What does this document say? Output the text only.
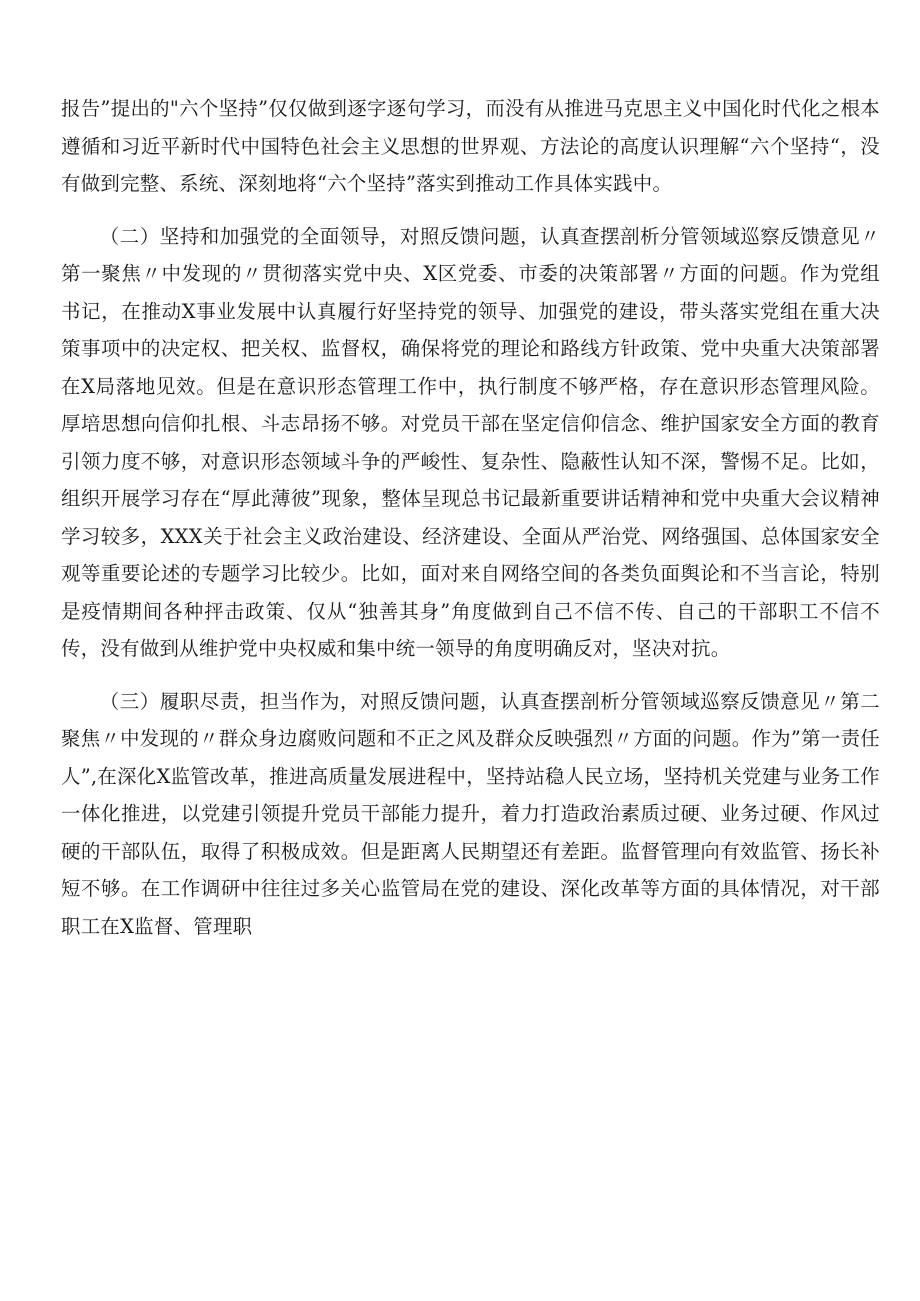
报告”提出的"六个坚持”仅仅做到逐字逐句学习，而没有从推进马克思主义中国化时代化之根本遵循和习近平新时代中国特色社会主义思想的世界观、方法论的高度认识理解“六个坚持“，没有做到完整、系统、深刻地将“六个坚持”落实到推动工作具体实践中。

（二）坚持和加强党的全面领导，对照反馈问题，认真查摆剖析分管领域巡察反馈意见〃第一聚焦〃中发现的〃贯彻落实党中央、X区党委、市委的决策部署〃方面的问题。作为党组书记，在推动X事业发展中认真履行好坚持党的领导、加强党的建设，带头落实党组在重大决策事项中的决定权、把关权、监督权，确保将党的理论和路线方针政策、党中央重大决策部署在X局落地见效。但是在意识形态管理工作中，执行制度不够严格，存在意识形态管理风险。厚培思想向信仰扎根、斗志昂扬不够。对党员干部在坚定信仰信念、维护国家安全方面的教育引领力度不够，对意识形态领域斗争的严峻性、复杂性、隐蔽性认知不深，警惕不足。比如，组织开展学习存在“厚此薄彼”现象，整体呈现总书记最新重要讲话精神和党中央重大会议精神学习较多，XXX关于社会主义政治建设、经济建设、全面从严治党、网络强国、总体国家安全观等重要论述的专题学习比较少。比如，面对来自网络空间的各类负面舆论和不当言论，特别是疫情期间各种抨击政策、仅从“独善其身”角度做到自己不信不传、自己的干部职工不信不传，没有做到从维护党中央权威和集中统一领导的角度明确反对，坚决对抗。

（三）履职尽责，担当作为，对照反馈问题，认真查摆剖析分管领域巡察反馈意见〃第二聚焦〃中发现的〃群众身边腐败问题和不正之风及群众反映强烈〃方面的问题。作为”第一责任人”,在深化X监管改革，推进高质量发展进程中，坚持站稳人民立场，坚持机关党建与业务工作一体化推进，以党建引领提升党员干部能力提升，着力打造政治素质过硬、业务过硬、作风过硬的干部队伍，取得了积极成效。但是距离人民期望还有差距。监督管理向有效监管、扬长补短不够。在工作调研中往往过多关心监管局在党的建设、深化改革等方面的具体情况，对干部职工在X监督、管理职
